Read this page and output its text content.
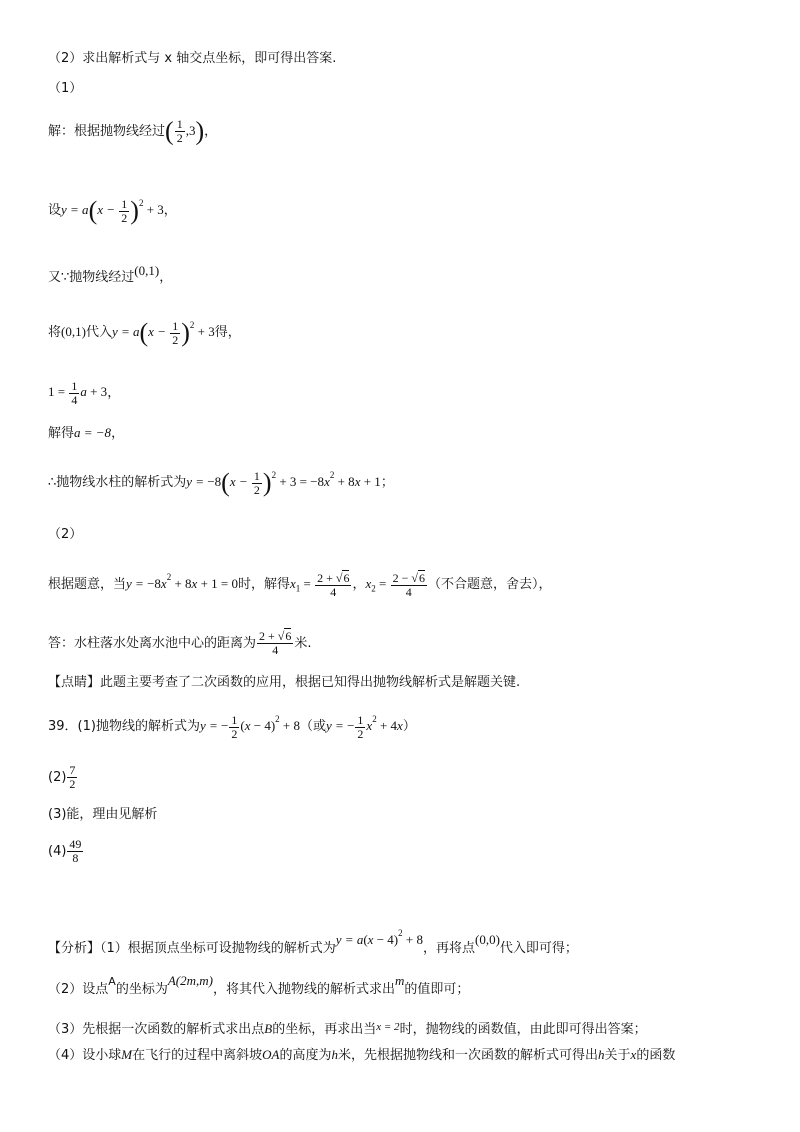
（2）求出解析式与 x 轴交点坐标，即可得出答案.
（1）
解：根据抛物线经过( $\frac{1}{2} ,3$)，
设$y = a(x - \frac{1}{2} )^2 + 3$，
又∵抛物线经过(0,1)，
将(0,1)代入$y = a(x - \frac{1}{2} )^2 + 3$得，
$1 = \frac{1}{4}$ a + 3，
解得a = −8，
∴抛物线水柱的解析式为$y = -8(x - \frac{1}{2} )^2 + 3 = -8x^2 + 8x + 1$；
（2）
根据题意，当$y = -8x^2 + 8x + 1 = 0$时，解得$x_1 = \frac{2 + √6}{4}$ ，$x_2 = \frac{2 - √6}{4}$ （不合题意，舍去），
答：水柱落水处离水池中心的距离为 $\frac{2 + √6}{4}$ 米.
【点睛】此题主要考查了二次函数的应用，根据已知得出抛物线解析式是解题关键.
39．(1)抛物线的解析式为y = − $\frac{1}{2} (x - 4)^2 + 8$（或y = − $\frac{1}{2} x^2 + 4x$）
$(2) \frac{7}{2}$
(3)能，理由见解析
$(4) \frac{49}{8}$
【分析】（1）根据顶点坐标可设抛物线的解析式为$y = a(x - 4)^2 + 8$，再将点(0,0)代入即可得；
（2）设点$^A$的坐标为A(2m,m)，将其代入抛物线的解析式求出m的值即可；
（3）先根据一次函数的解析式求出点B的坐标，再求出当$^{x = 2}$时，抛物线的函数值，由此即可得出答案；
（4）设小球M在飞行的过程中离斜坡OA的高度为h米，先根据抛物线和一次函数的解析式可得出h关于x的函数
